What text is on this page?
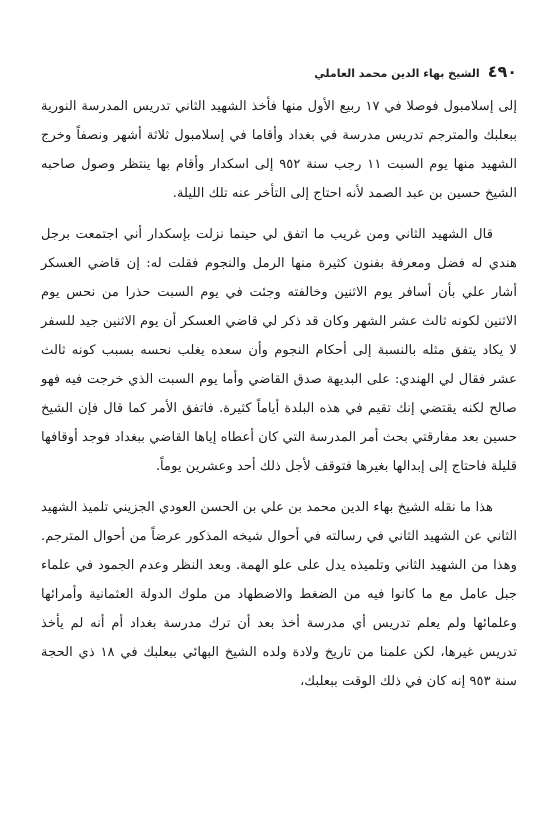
٤٩٠
الشيخ بهاء الدين محمد العاملي

إلى إسلامبول فوصلا في ١٧ ربيع الأول منها فأخذ الشهيد الثاني تدريس المدرسة النورية ببعلبك والمترجم تدريس مدرسة في بغداد وأقاما في إسلامبول ثلاثة أشهر ونصفاً وخرج الشهيد منها يوم السبت ١١ رجب سنة ٩٥٢ إلى اسكدار وأقام بها ينتظر وصول صاحبه الشيخ حسين بن عبد الصمد لأنه احتاج إلى التأخر عنه تلك الليلة.

قال الشهيد الثاني ومن غريب ما اتفق لي حينما نزلت بإسكدار أني اجتمعت برجل هندي له فضل ومعرفة بفنون كثيرة منها الرمل والنجوم فقلت له: إن قاضي العسكر أشار علي بأن أسافر يوم الاثنين وخالفته وجئت في يوم السبت حذرا من نحس يوم الاثنين لكونه ثالث عشر الشهر وكان قد ذكر لي قاضي العسكر أن يوم الاثنين جيد للسفر لا يكاد يتفق مثله بالنسبة إلى أحكام النجوم وأن سعده يغلب نحسه بسبب كونه ثالث عشر فقال لي الهندي: على البديهة صدق القاضي وأما يوم السبت الذي خرجت فيه فهو صالح لكنه يقتضي إنك تقيم في هذه البلدة أياماً كثيرة. فاتفق الأمر كما قال فإن الشيخ حسين بعد مفارقتي بحث أمر المدرسة التي كان أعطاه إياها القاضي ببغداد فوجد أوقافها قليلة فاحتاج إلى إبدالها بغيرها فتوقف لأجل ذلك أحد وعشرين يوماً.

هذا ما نقله الشيخ بهاء الدين محمد بن علي بن الحسن العودي الجزيني تلميذ الشهيد الثاني عن الشهيد الثاني في رسالته في أحوال شيخه المذكور عرضاً من أحوال المترجم. وهذا من الشهيد الثاني وتلميذه يدل على علو الهمة. وبعد النظر وعدم الجمود في علماء جبل عامل مع ما كانوا فيه من الضغط والاضطهاد من ملوك الدولة العثمانية وأمرائها وعلمائها ولم يعلم تدريس أي مدرسة أخذ بعد أن ترك مدرسة بغداد أم أنه لم يأخذ تدريس غيرها، لكن علمنا من تاريخ ولادة ولده الشيخ البهائي ببعلبك في ١٨ ذي الحجة سنة ٩٥٣ إنه كان في ذلك الوقت ببعلبك،
